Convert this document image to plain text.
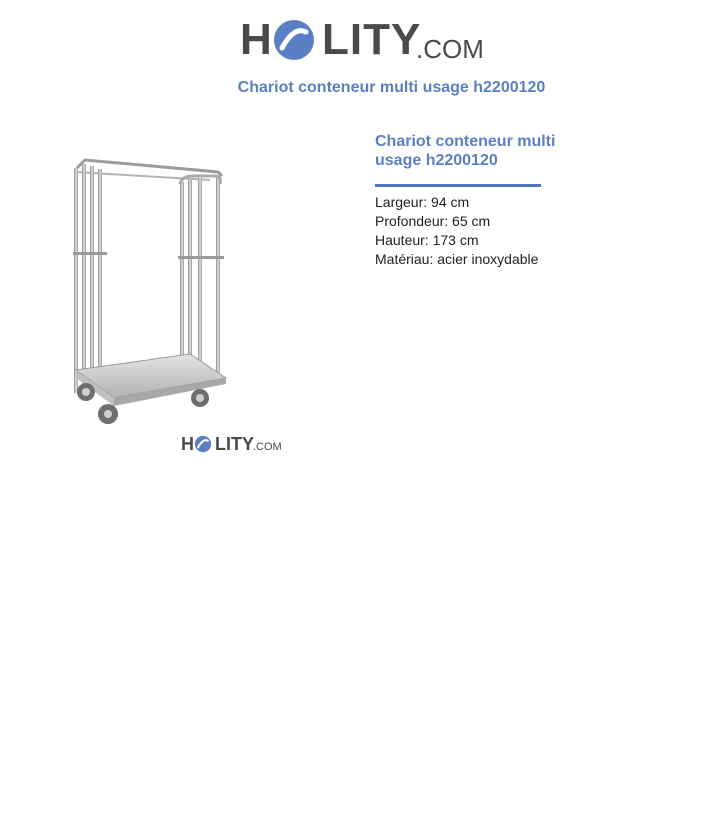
H LITY
.COM
Chariot conteneur multi usage h2200120
H LITY .COM
Chariot conteneur multi
usage h2200120
Largeur: 94 cm
Profondeur: 65 cm
Hauteur: 173 cm
Matériau: acier inoxydable
